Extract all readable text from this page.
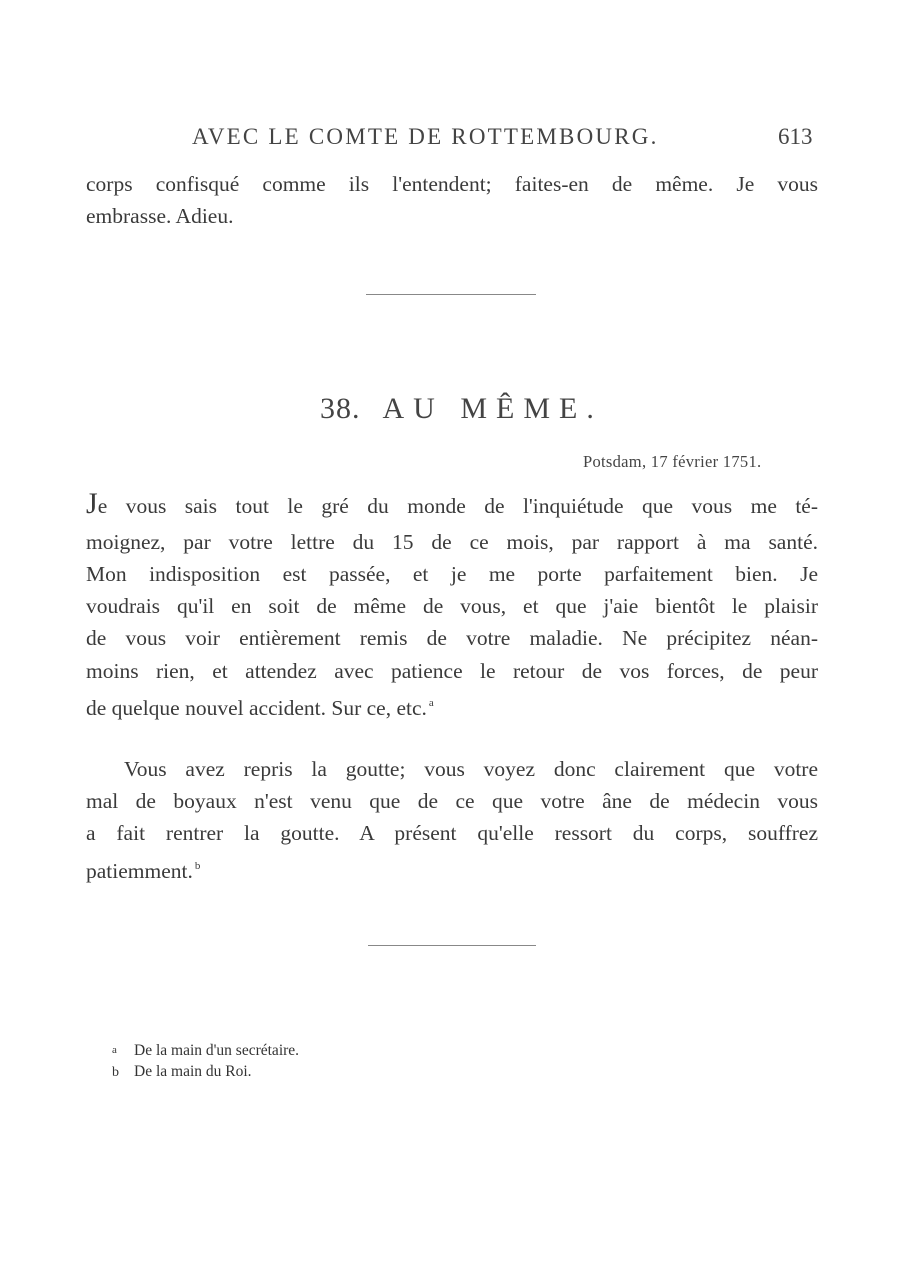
AVEC LE COMTE DE ROTTEMBOURG.	613
corps confisqué comme ils l'entendent; faites-en de même. Je vous
embrasse. Adieu.
38. AU MÊME.
Potsdam, 17 février 1751.
Je vous sais tout le gré du monde de l'inquiétude que vous me té-
moignez, par votre lettre du 15 de ce mois, par rapport à ma santé.
Mon indisposition est passée, et je me porte parfaitement bien. Je
voudrais qu'il en soit de même de vous, et que j'aie bientôt le plaisir
de vous voir entièrement remis de votre maladie. Ne précipitez néan-
moins rien, et attendez avec patience le retour de vos forces, de peur
de quelque nouvel accident. Sur ce, etc. $^a$
Vous avez repris la goutte; vous voyez donc clairement que votre
mal de boyaux n'est venu que de ce que votre âne de médecin vous
a fait rentrer la goutte. A présent qu'elle ressort du corps, souffrez
patiemment. $^b$
a De la main d'un secrétaire.
b De la main du Roi.
